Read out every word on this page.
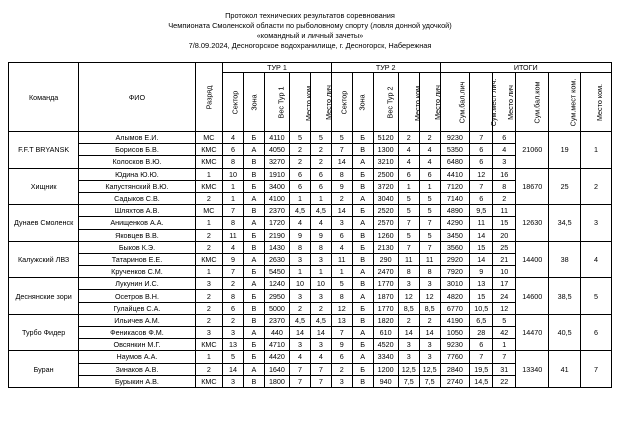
Протокол технических результатов соревнования
Чемпионата Смоленской области по рыболовному спорту (ловля донной удочкой)
«командный и личный зачеты»
7/8.09.2024, Десногорское водохранилище, г. Десногорск, Набережная
Команда	ФИО	Разряд	ТУР 1					ТУР 2					ИТОГИ					
			Сектор	Зона	Вес Тур 1	Место ком.	Место лич	Сектор	Зона	Вес Тур 2	Место ком.	Место лич	Сум.бал.лич	Сум.мест лич.	Место лич	Сум.бал.ком	Сум.мест ком.	Место ком.
F.F.T BRYANSK	Алымов Е.И.	МС	4	Б	4110	5	5	5	Б	5120	2	2	9230	7	6	21060	19	1
	Борисов Б.В.	КМС	6	А	4050	2	2	7	В	1300	4	4	5350	6	4			
	Колосков В.Ю.	КМС	8	В	3270	2	2	14	А	3210	4	4	6480	6	3			
Хищник	Юдина Ю.Ю.	1	10	В	1910	6	6	8	Б	2500	6	6	4410	12	16	18670	25	2
	Капустянский В.Ю.	КМС	1	Б	3400	6	6	9	В	3720	1	1	7120	7	8			
	Садыков С.В.	2	1	А	4100	1	1	2	А	3040	5	5	7140	6	2			
Дунаев Смоленск	Шляхтов А.В.	МС	7	В	2370	4,5	4,5	14	Б	2520	5	5	4890	9,5	11	12630	34,5	3
	Анищенков А.А.	1	8	А	1720	4	4	3	А	2570	7	7	4290	11	15			
	Яковцев В.В.	2	11	Б	2190	9	9	6	В	1260	5	5	3450	14	20			
Калужский ЛВЗ	Быков К.Э.	2	4	В	1430	8	8	4	Б	2130	7	7	3560	15	25	14400	38	4
	Татаринов Е.Е.	КМС	9	А	2630	3	3	11	В	290	11	11	2920	14	21			
	Крученков С.М.	1	7	Б	5450	1	1	1	А	2470	8	8	7920	9	10			
Деснянские зори	Лукунин И.С.	3	2	А	1240	10	10	5	В	1770	3	3	3010	13	17	14600	38,5	5
	Осетров В.Н.	2	8	Б	2950	3	3	8	А	1870	12	12	4820	15	24			
	Гулайцев С.А.	2	6	В	5000	2	2	12	Б	1770	8,5	8,5	6770	10,5	12			
Турбо Фидер	Ильичев А.М.	2	2	В	2370	4,5	4,5	13	В	1820	2	2	4190	6,5	5	14470	40,5	6
	Феникасов Ф.М.	3	3	А	440	14	14	7	А	610	14	14	1050	28	42			
	Овсянкин М.Г.	КМС	13	Б	4710	3	3	9	Б	4520	3	3	9230	6	1			
Буран	Наумов А.А.	1	5	Б	4420	4	4	6	А	3340	3	3	7760	7	7	13340	41	7
	Зинаков А.В.	2	14	А	1640	7	7	2	Б	1200	12,5	12,5	2840	19,5	31			
	Бурыкин А.В.	КМС	3	В	1800	7	7	3	В	940	7,5	7,5	2740	14,5	22			
